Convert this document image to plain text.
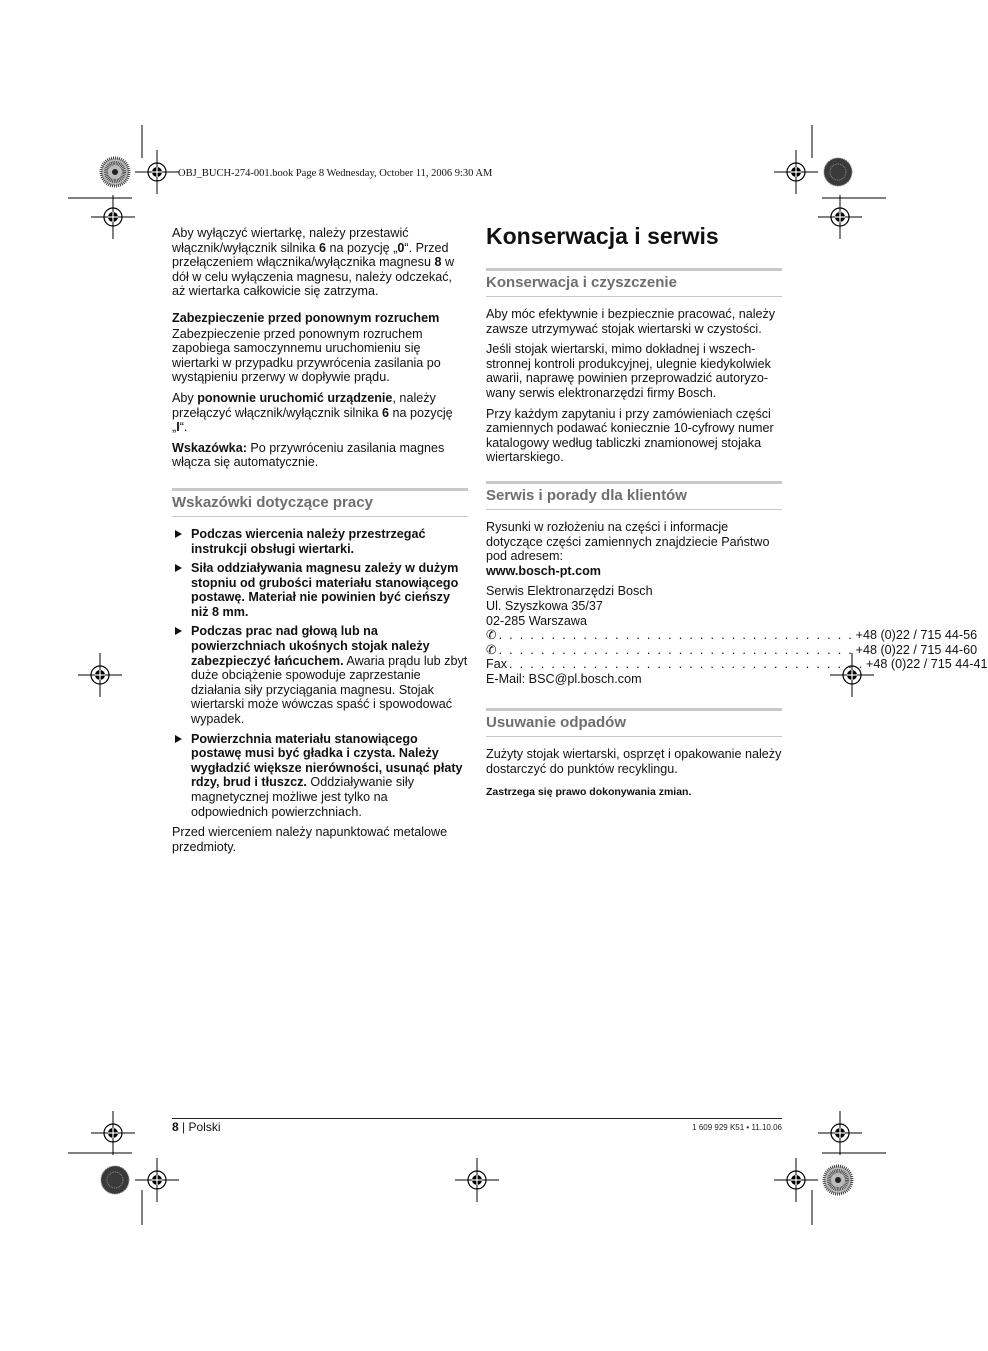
OBJ_BUCH-274-001.book Page 8 Wednesday, October 11, 2006 9:30 AM

Aby wyłączyć wiertarkę, należy przestawić włącznik/wyłącznik silnika 6 na pozycję „0“. Przed przełączeniem włącznika/wyłącznika magnesu 8 w dół w celu wyłączenia magnesu, należy odczekać, aż wiertarka całkowicie się zatrzyma.

Zabezpieczenie przed ponownym rozruchem

Zabezpieczenie przed ponownym rozruchem zapobiega samoczynnemu uruchomieniu się wiertarki w przypadku przywrócenia zasilania po wystąpieniu przerwy w dopływie prądu.

Aby ponownie uruchomić urządzenie, należy przełączyć włącznik/wyłącznik silnika 6 na pozycję „I“.

Wskazówka: Po przywróceniu zasilania magnes włącza się automatycznie.

Wskazówki dotyczące pracy
Podczas wiercenia należy przestrzegać instrukcji obsługi wiertarki.
Siła oddziaływania magnesu zależy w dużym stopniu od grubości materiału stanowiącego postawę. Materiał nie powinien być cieńszy niż 8 mm.
Podczas prac nad głową lub na powierzchniach ukośnych stojak należy zabezpieczyć łańcuchem. Awaria prądu lub zbyt duże obciążenie spowoduje zaprzestanie działania siły przyciągania magnesu. Stojak wiertarski może wówczas spaść i spowodować wypadek.
Powierzchnia materiału stanowiącego postawę musi być gładka i czysta. Należy wygładzić większe nierówności, usunąć płaty rdzy, brud i tłuszcz. Oddziaływanie siły magnetycznej możliwe jest tylko na odpowiednich powierzchniach.

Przed wierceniem należy napunktować metalowe przedmioty.

Konserwacja i serwis
Konserwacja i czyszczenie

Aby móc efektywnie i bezpiecznie pracować, należy zawsze utrzymywać stojak wiertarski w czystości.

Jeśli stojak wiertarski, mimo dokładnej i wszech-stronnej kontroli produkcyjnej, ulegnie kiedykolwiek awarii, naprawę powinien przeprowadzić autoryzo-wany serwis elektronarzędzi firmy Bosch.

Przy każdym zapytaniu i przy zamówieniach części zamiennych podawać koniecznie 10-cyfrowy numer katalogowy według tabliczki znamionowej stojaka wiertarskiego.

Serwis i porady dla klientów

Rysunki w rozłożeniu na części i informacje dotyczące części zamiennych znajdziecie Państwo pod adresem:

www.bosch-pt.com

Serwis Elektronarzędzi Bosch
Ul. Szyszkowa 35/37
02-285 Warszawa
✆ . . . . . . . . . . . . . . . . . . . . . . . . . . . . . . . . . . +48 (0)22 / 715 44-56
✆ . . . . . . . . . . . . . . . . . . . . . . . . . . . . . . . . . . +48 (0)22 / 715 44-60
Fax . . . . . . . . . . . . . . . . . . . . . . . . . . . . . . . . . . +48 (0)22 / 715 44-41
E-Mail: BSC@pl.bosch.com
Usuwanie odpadów

Zużyty stojak wiertarski, osprzęt i opakowanie należy dostarczyć do punktów recyklingu.

Zastrzega się prawo dokonywania zmian.

8 | Polski	1 609 929 K51 • 11.10.06
